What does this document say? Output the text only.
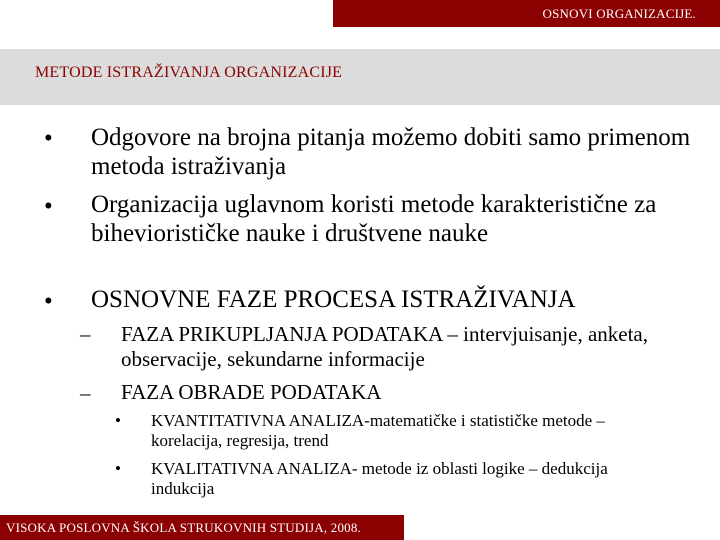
OSNOVI ORGANIZACIJE.
METODE ISTRAŽIVANJA ORGANIZACIJE
• Odgovore na brojna pitanja možemo dobiti samo primenom metoda istraživanja
• Organizacija uglavnom koristi metode karakteristične za biheviorističke nauke i društvene nauke
• OSNOVNE FAZE PROCESA ISTRAŽIVANJA
– FAZA PRIKUPLJANJA PODATAKA – intervjuisanje, anketa, observacije, sekundarne informacije
– FAZA OBRADE PODATAKA
• KVANTITATIVNA ANALIZA-matematičke i statističke metode – korelacija, regresija, trend
• KVALITATIVNA ANALIZA- metode iz oblasti logike – dedukcija indukcija
VISOKA POSLOVNA ŠKOLA STRUKOVNIH STUDIJA, 2008.
